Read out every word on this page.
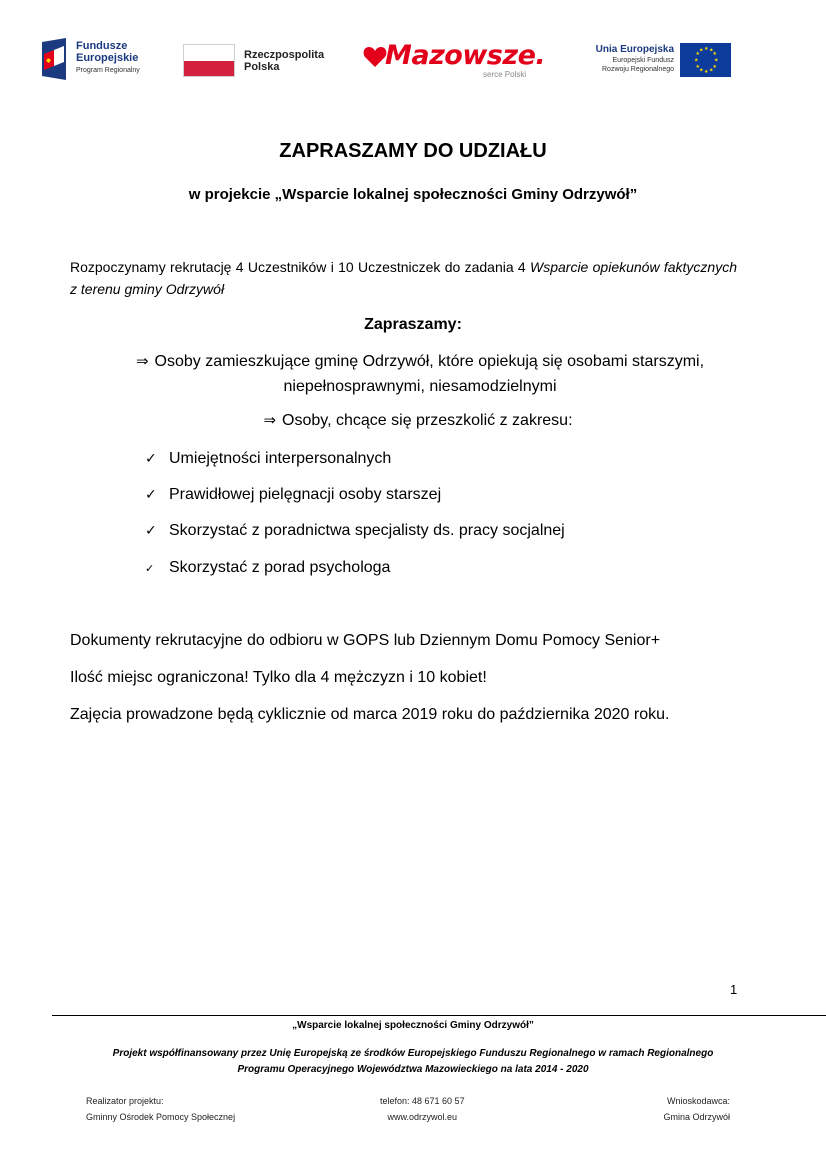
Fundusze
Europejskie
Program Regionalny
Rzeczpospolita
Polska	Mazowsze.
serce Polski
Unia Europejska
Europejski Fundusz
Rozwoju Regionalnego
★ ★
★
★
★
★
★
★
★
★
★
★
ZAPRASZAMY DO UDZIAŁU
w projekcie „Wsparcie lokalnej społeczności Gminy Odrzywół”
Rozpoczynamy rekrutację 4 Uczestników i 10 Uczestniczek do zadania 4 Wsparcie opiekunów faktycznych z terenu gminy Odrzywół
Zapraszamy:
⇒ Osoby zamieszkujące gminę Odrzywół, które opiekują się osobami starszymi,
niepełnosprawnymi, niesamodzielnymi
⇒ Osoby, chcące się przeszkolić z zakresu:
✓ Umiejętności interpersonalnych
✓ Prawidłowej pielęgnacji osoby starszej
✓ Skorzystać z poradnictwa specjalisty ds. pracy socjalnej
✓ Skorzystać z porad psychologa
Dokumenty rekrutacyjne do odbioru w GOPS lub Dziennym Domu Pomocy Senior+
Ilość miejsc ograniczona! Tylko dla 4 mężczyzn i 10 kobiet!
Zajęcia prowadzone będą cyklicznie od marca 2019 roku do października 2020 roku.
1
„Wsparcie lokalnej społeczności Gminy Odrzywół”
Projekt współfinansowany przez Unię Europejską ze środków Europejskiego Funduszu Regionalnego w ramach Regionalnego
Programu Operacyjnego Województwa Mazowieckiego na lata 2014 - 2020
Realizator projektu:
Gminny Ośrodek Pomocy Społecznej
telefon: 48 671 60 57
www.odrzywol.eu
Wnioskodawca:
Gmina Odrzywół
